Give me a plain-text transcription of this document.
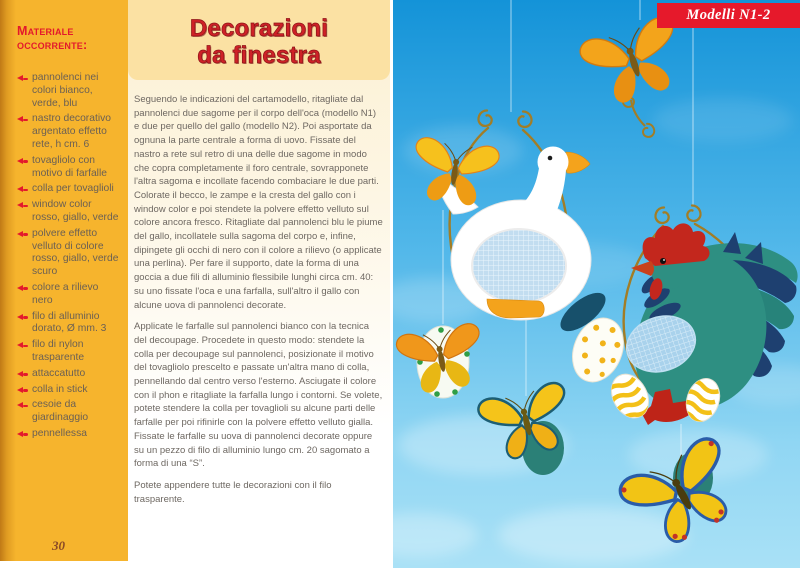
Materiale occorrente:
pannolenci nei colori bianco, verde, blu
nastro decorativo argentato effetto rete, h cm. 6
tovagliolo con motivo di farfalle
colla per tovaglioli
window color rosso, giallo, verde
polvere effetto velluto di colore rosso, giallo, verde scuro
colore a rilievo nero
filo di alluminio dorato, Ø mm. 3
filo di nylon trasparente
attaccatutto
colla in stick
cesoie da giardinaggio
pennellessa
30
Decorazioni
da finestra

Seguendo le indicazioni del cartamodello, ritagliate dal pannolenci due sagome per il corpo dell'oca (modello N1) e due per quello del gallo (modello N2). Poi asportate da ognuna la parte centrale a forma di uovo. Fissate del nastro a rete sul retro di una delle due sagome in modo che copra completamente il foro centrale, sovrapponete l'altra sagoma e incollate facendo combaciare le due parti. Colorate il becco, le zampe e la cresta del gallo con i window color e poi stendete la polvere effetto velluto sul colore ancora fresco. Ritagliate dal pannolenci blu le piume del gallo, incollatele sulla sagoma del corpo e, infine, dipingete gli occhi di nero con il colore a rilievo (o applicate una perlina). Per fare il supporto, date la forma di una goccia a due fili di alluminio flessibile lunghi circa cm. 40: su uno fissate l'oca e una farfalla, sull'altro il gallo con alcune uova di pannolenci decorate.

Applicate le farfalle sul pannolenci bianco con la tecnica del decoupage. Procedete in questo modo: stendete la colla per decoupage sul pannolenci, posizionate il motivo del tovagliolo prescelto e passate un'altra mano di colla, pennellando dal centro verso l'esterno. Asciugate il colore con il phon e ritagliate la farfalla lungo i contorni. Se volete, potete stendere la colla per tovaglioli su alcune parti delle farfalle per poi rifinirle con la polvere effetto velluto gialla. Fissate le farfalle su uova di pannolenci decorate oppure su un pezzo di filo di alluminio lungo cm. 20 sagomato a forma di una “S”.

Potete appendere tutte le decorazioni con il filo trasparente.

Modelli N1-2
